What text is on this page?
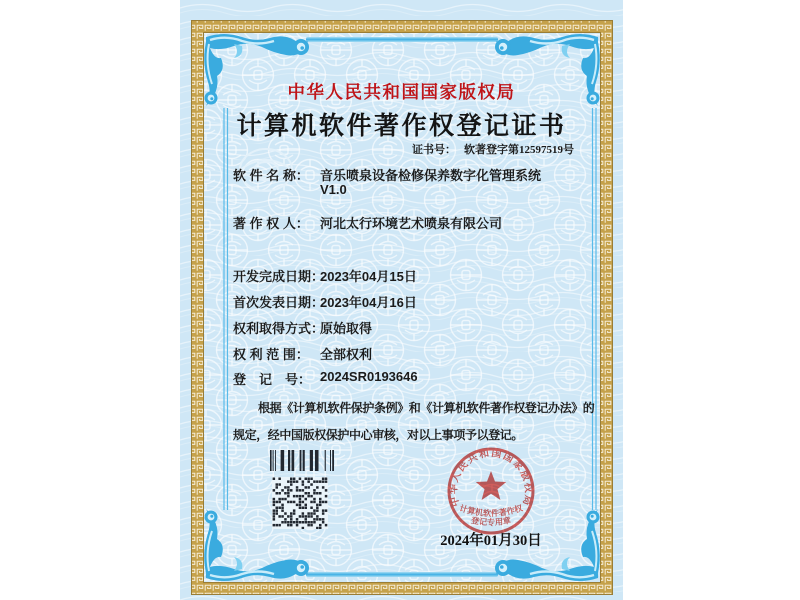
中华人民共和国国家版权局
计算机软件著作权登记证书
证书号： 软著登字第12597519号
软 件 名 称： 音乐喷泉设备检修保养数字化管理系统
V1.0
著 作 权 人： 河北太行环境艺术喷泉有限公司
开发完成日期：
2023年04月15日
首次发表日期：
2023年04月16日
权利取得方式：
原始取得
权 利 范 围： 全部权利
登　记　号： 2024SR0193646
根据《计算机软件保护条例》和《计算机软件著作权登记办法》的
规定，经中国版权保护中心审核，对以上事项予以登记。
2024年01月30日
中华人民共和国国家版权局
计算机软件著作权
登记专用章
